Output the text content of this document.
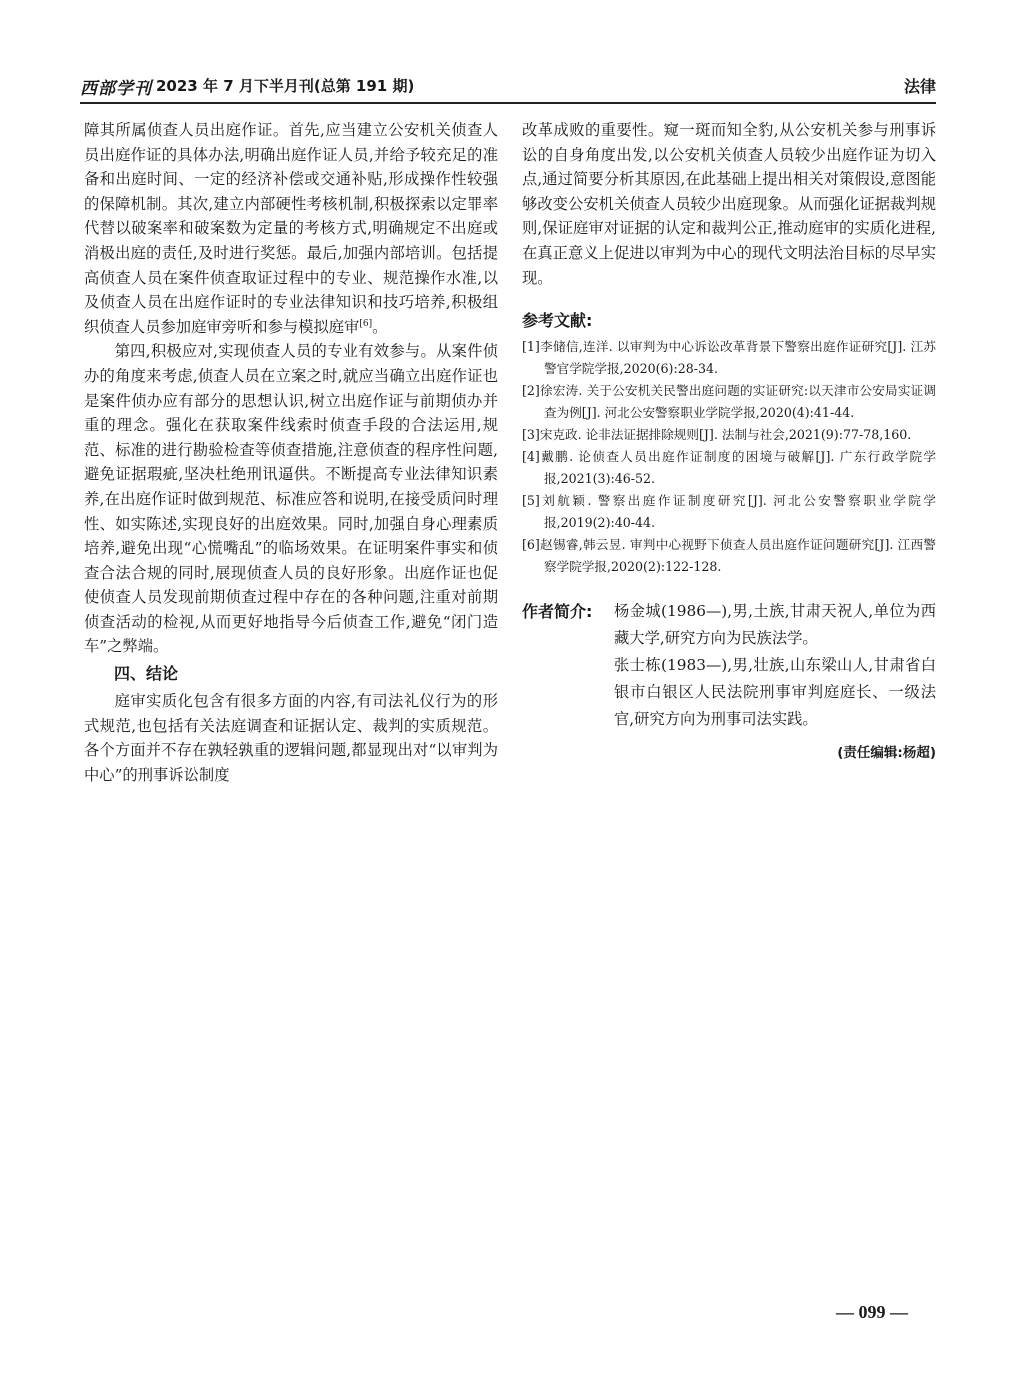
西部学刊 2023 年 7 月下半月刊(总第 191 期)	法律

障其所属侦查人员出庭作证。首先,应当建立公安机关侦查人员出庭作证的具体办法,明确出庭作证人员,并给予较充足的准备和出庭时间、一定的经济补偿或交通补贴,形成操作性较强的保障机制。其次,建立内部硬性考核机制,积极探索以定罪率代替以破案率和破案数为定量的考核方式,明确规定不出庭或消极出庭的责任,及时进行奖惩。最后,加强内部培训。包括提高侦查人员在案件侦查取证过程中的专业、规范操作水准,以及侦查人员在出庭作证时的专业法律知识和技巧培养,积极组织侦查人员参加庭审旁听和参与模拟庭审[6]。

第四,积极应对,实现侦查人员的专业有效参与。从案件侦办的角度来考虑,侦查人员在立案之时,就应当确立出庭作证也是案件侦办应有部分的思想认识,树立出庭作证与前期侦办并重的理念。强化在获取案件线索时侦查手段的合法运用,规范、标准的进行勘验检查等侦查措施,注意侦查的程序性问题,避免证据瑕疵,坚决杜绝刑讯逼供。不断提高专业法律知识素养,在出庭作证时做到规范、标准应答和说明,在接受质问时理性、如实陈述,实现良好的出庭效果。同时,加强自身心理素质培养,避免出现“心慌嘴乱”的临场效果。在证明案件事实和侦查合法合规的同时,展现侦查人员的良好形象。出庭作证也促使侦查人员发现前期侦查过程中存在的各种问题,注重对前期侦查活动的检视,从而更好地指导今后侦查工作,避免“闭门造车”之弊端。

四、结论

庭审实质化包含有很多方面的内容,有司法礼仪行为的形式规范,也包括有关法庭调查和证据认定、裁判的实质规范。各个方面并不存在孰轻孰重的逻辑问题,都显现出对“以审判为中心”的刑事诉讼制度

改革成败的重要性。窥一斑而知全豹,从公安机关参与刑事诉讼的自身角度出发,以公安机关侦查人员较少出庭作证为切入点,通过简要分析其原因,在此基础上提出相关对策假设,意图能够改变公安机关侦查人员较少出庭现象。从而强化证据裁判规则,保证庭审对证据的认定和裁判公正,推动庭审的实质化进程,在真正意义上促进以审判为中心的现代文明法治目标的尽早实现。

参考文献:
[1]李储信,连洋. 以审判为中心诉讼改革背景下警察出庭作证研究[J]. 江苏警官学院学报,2020(6):28-34.
[2]徐宏涛. 关于公安机关民警出庭问题的实证研究:以天津市公安局实证调查为例[J]. 河北公安警察职业学院学报,2020(4):41-44.
[3]宋克政. 论非法证据排除规则[J]. 法制与社会,2021(9):77-78,160.
[4]戴鹏. 论侦查人员出庭作证制度的困境与破解[J]. 广东行政学院学报,2021(3):46-52.
[5]刘航颖. 警察出庭作证制度研究[J]. 河北公安警察职业学院学报,2019(2):40-44.
[6]赵锡睿,韩云昱. 审判中心视野下侦查人员出庭作证问题研究[J]. 江西警察学院学报,2020(2):122-128.
作者简介: 杨金城(1986—),男,土族,甘肃天祝人,单位为西藏大学,研究方向为民族法学。

张士栋(1983—),男,壮族,山东梁山人,甘肃省白银市白银区人民法院刑事审判庭庭长、一级法官,研究方向为刑事司法实践。

(责任编辑:杨超)
— 099 —
